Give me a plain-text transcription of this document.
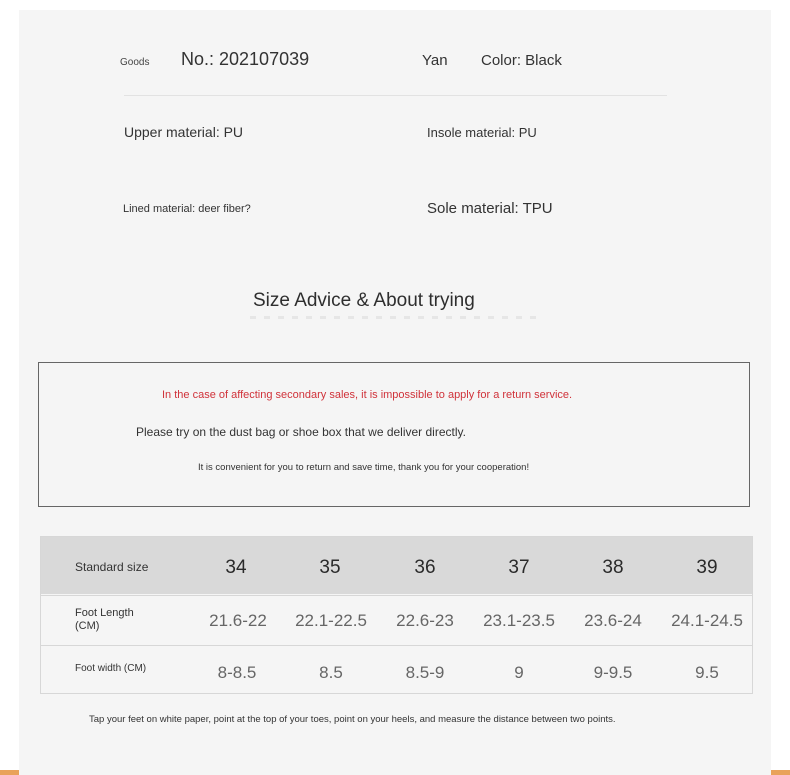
Goods No.: 202107039	Yan Color: Black
Upper material: PU	Insole material: PU
Lined material: deer fiber?	Sole material: TPU
Size Advice & About trying
In the case of affecting secondary sales, it is impossible to apply for a return service.
Please try on the dust bag or shoe box that we deliver directly.
It is convenient for you to return and save time, thank you for your cooperation!
Standard size	34	35	36	37	38	39
Foot Length
(CM)	21.6-22	22.1-22.5	22.6-23	23.1-23.5	23.6-24	24.1-24.5
Foot width (CM)	8-8.5	8.5	8.5-9	9	9-9.5	9.5
Tap your feet on white paper, point at the top of your toes, point on your heels, and measure the distance between two points.
